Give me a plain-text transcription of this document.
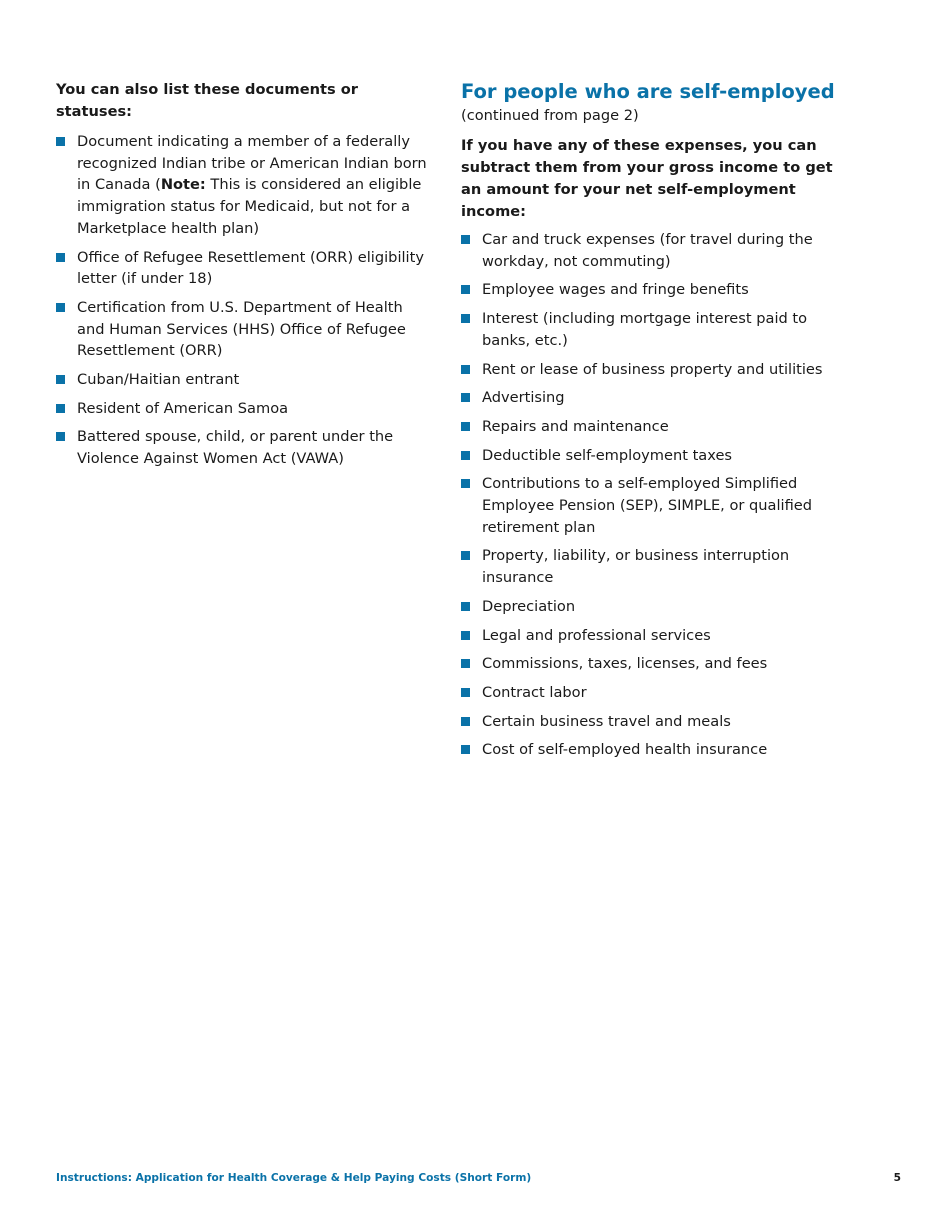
You can also list these documents or statuses:

Document indicating a member of a federally recognized Indian tribe or American Indian born in Canada (Note: This is considered an eligible immigration status for Medicaid, but not for a Marketplace health plan)
Office of Refugee Resettlement (ORR) eligibility letter (if under 18)
Certification from U.S. Department of Health and Human Services (HHS) Office of Refugee Resettlement (ORR)
Cuban/Haitian entrant
Resident of American Samoa
Battered spouse, child, or parent under the Violence Against Women Act (VAWA)
For people who are self-employed

(continued from page 2)

If you have any of these expenses, you can subtract them from your gross income to get an amount for your net self-employment income:

Car and truck expenses (for travel during the workday, not commuting)
Employee wages and fringe benefits
Interest (including mortgage interest paid to banks, etc.)
Rent or lease of business property and utilities
Advertising
Repairs and maintenance
Deductible self-employment taxes
Contributions to a self-employed Simplified Employee Pension (SEP), SIMPLE, or qualified retirement plan
Property, liability, or business interruption insurance
Depreciation
Legal and professional services
Commissions, taxes, licenses, and fees
Contract labor
Certain business travel and meals
Cost of self-employed health insurance
Instructions: Application for Health Coverage & Help Paying Costs (Short Form)	5
